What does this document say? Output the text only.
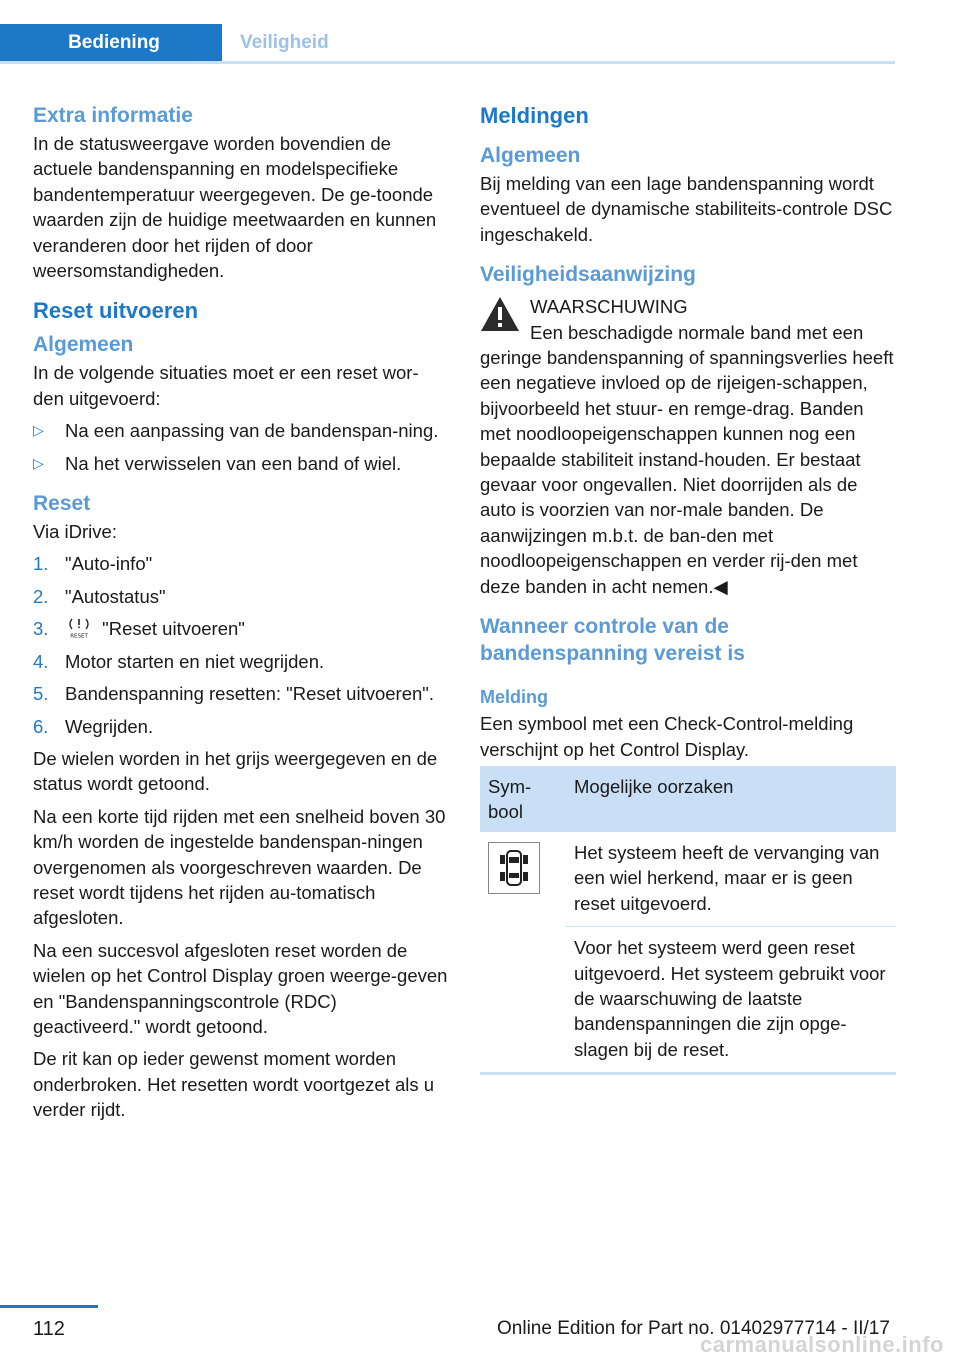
Bediening	Veiligheid
Extra informatie

In de statusweergave worden bovendien de actuele bandenspanning en modelspecifieke bandentemperatuur weergegeven. De ge-toonde waarden zijn de huidige meetwaarden en kunnen veranderen door het rijden of door weersomstandigheden.

Reset uitvoeren
Algemeen

In de volgende situaties moet er een reset wor-den uitgevoerd:

▷ Na een aanpassing van de bandenspan-ning.
▷ Na het verwisselen van een band of wiel.
Reset

Via iDrive:

1. "Auto-info"
2. "Autostatus"
3.	RESET "Reset uitvoeren"
4. Motor starten en niet wegrijden.
5. Bandenspanning resetten: "Reset uitvoeren".
6. Wegrijden.

De wielen worden in het grijs weergegeven en de status wordt getoond.

Na een korte tijd rijden met een snelheid boven 30 km/h worden de ingestelde bandenspan-ningen overgenomen als voorgeschreven waarden. De reset wordt tijdens het rijden au-tomatisch afgesloten.

Na een succesvol afgesloten reset worden de wielen op het Control Display groen weerge-geven en "Bandenspanningscontrole (RDC) geactiveerd." wordt getoond.

De rit kan op ieder gewenst moment worden onderbroken. Het resetten wordt voortgezet als u verder rijdt.

Meldingen
Algemeen

Bij melding van een lage bandenspanning wordt eventueel de dynamische stabiliteits-controle DSC ingeschakeld.

Veiligheidsaanwijzing
WAARSCHUWING
Een beschadigde normale band met een
geringe bandenspanning of spanningsverlies heeft een negatieve invloed op de rijeigen-schappen, bijvoorbeeld het stuur- en remge-drag. Banden met noodloopeigenschappen kunnen nog een bepaalde stabiliteit instand-houden. Er bestaat gevaar voor ongevallen. Niet doorrijden als de auto is voorzien van nor-male banden. De aanwijzingen m.b.t. de ban-den met noodloopeigenschappen en verder rij-den met deze banden in acht nemen.◀
Wanneer controle van de bandenspanning vereist is
Melding

Een symbool met een Check-Control-melding verschijnt op het Control Display.

Sym-bool	Mogelijke oorzaken

	Het systeem heeft de vervanging van een wiel herkend, maar er is geen reset uitgevoerd.
	Voor het systeem werd geen reset uitgevoerd. Het systeem gebruikt voor de waarschuwing de laatste bandenspanningen die zijn opge-slagen bij de reset.
112	Online Edition for Part no. 01402977714 - II/17
carmanualsonline.info
